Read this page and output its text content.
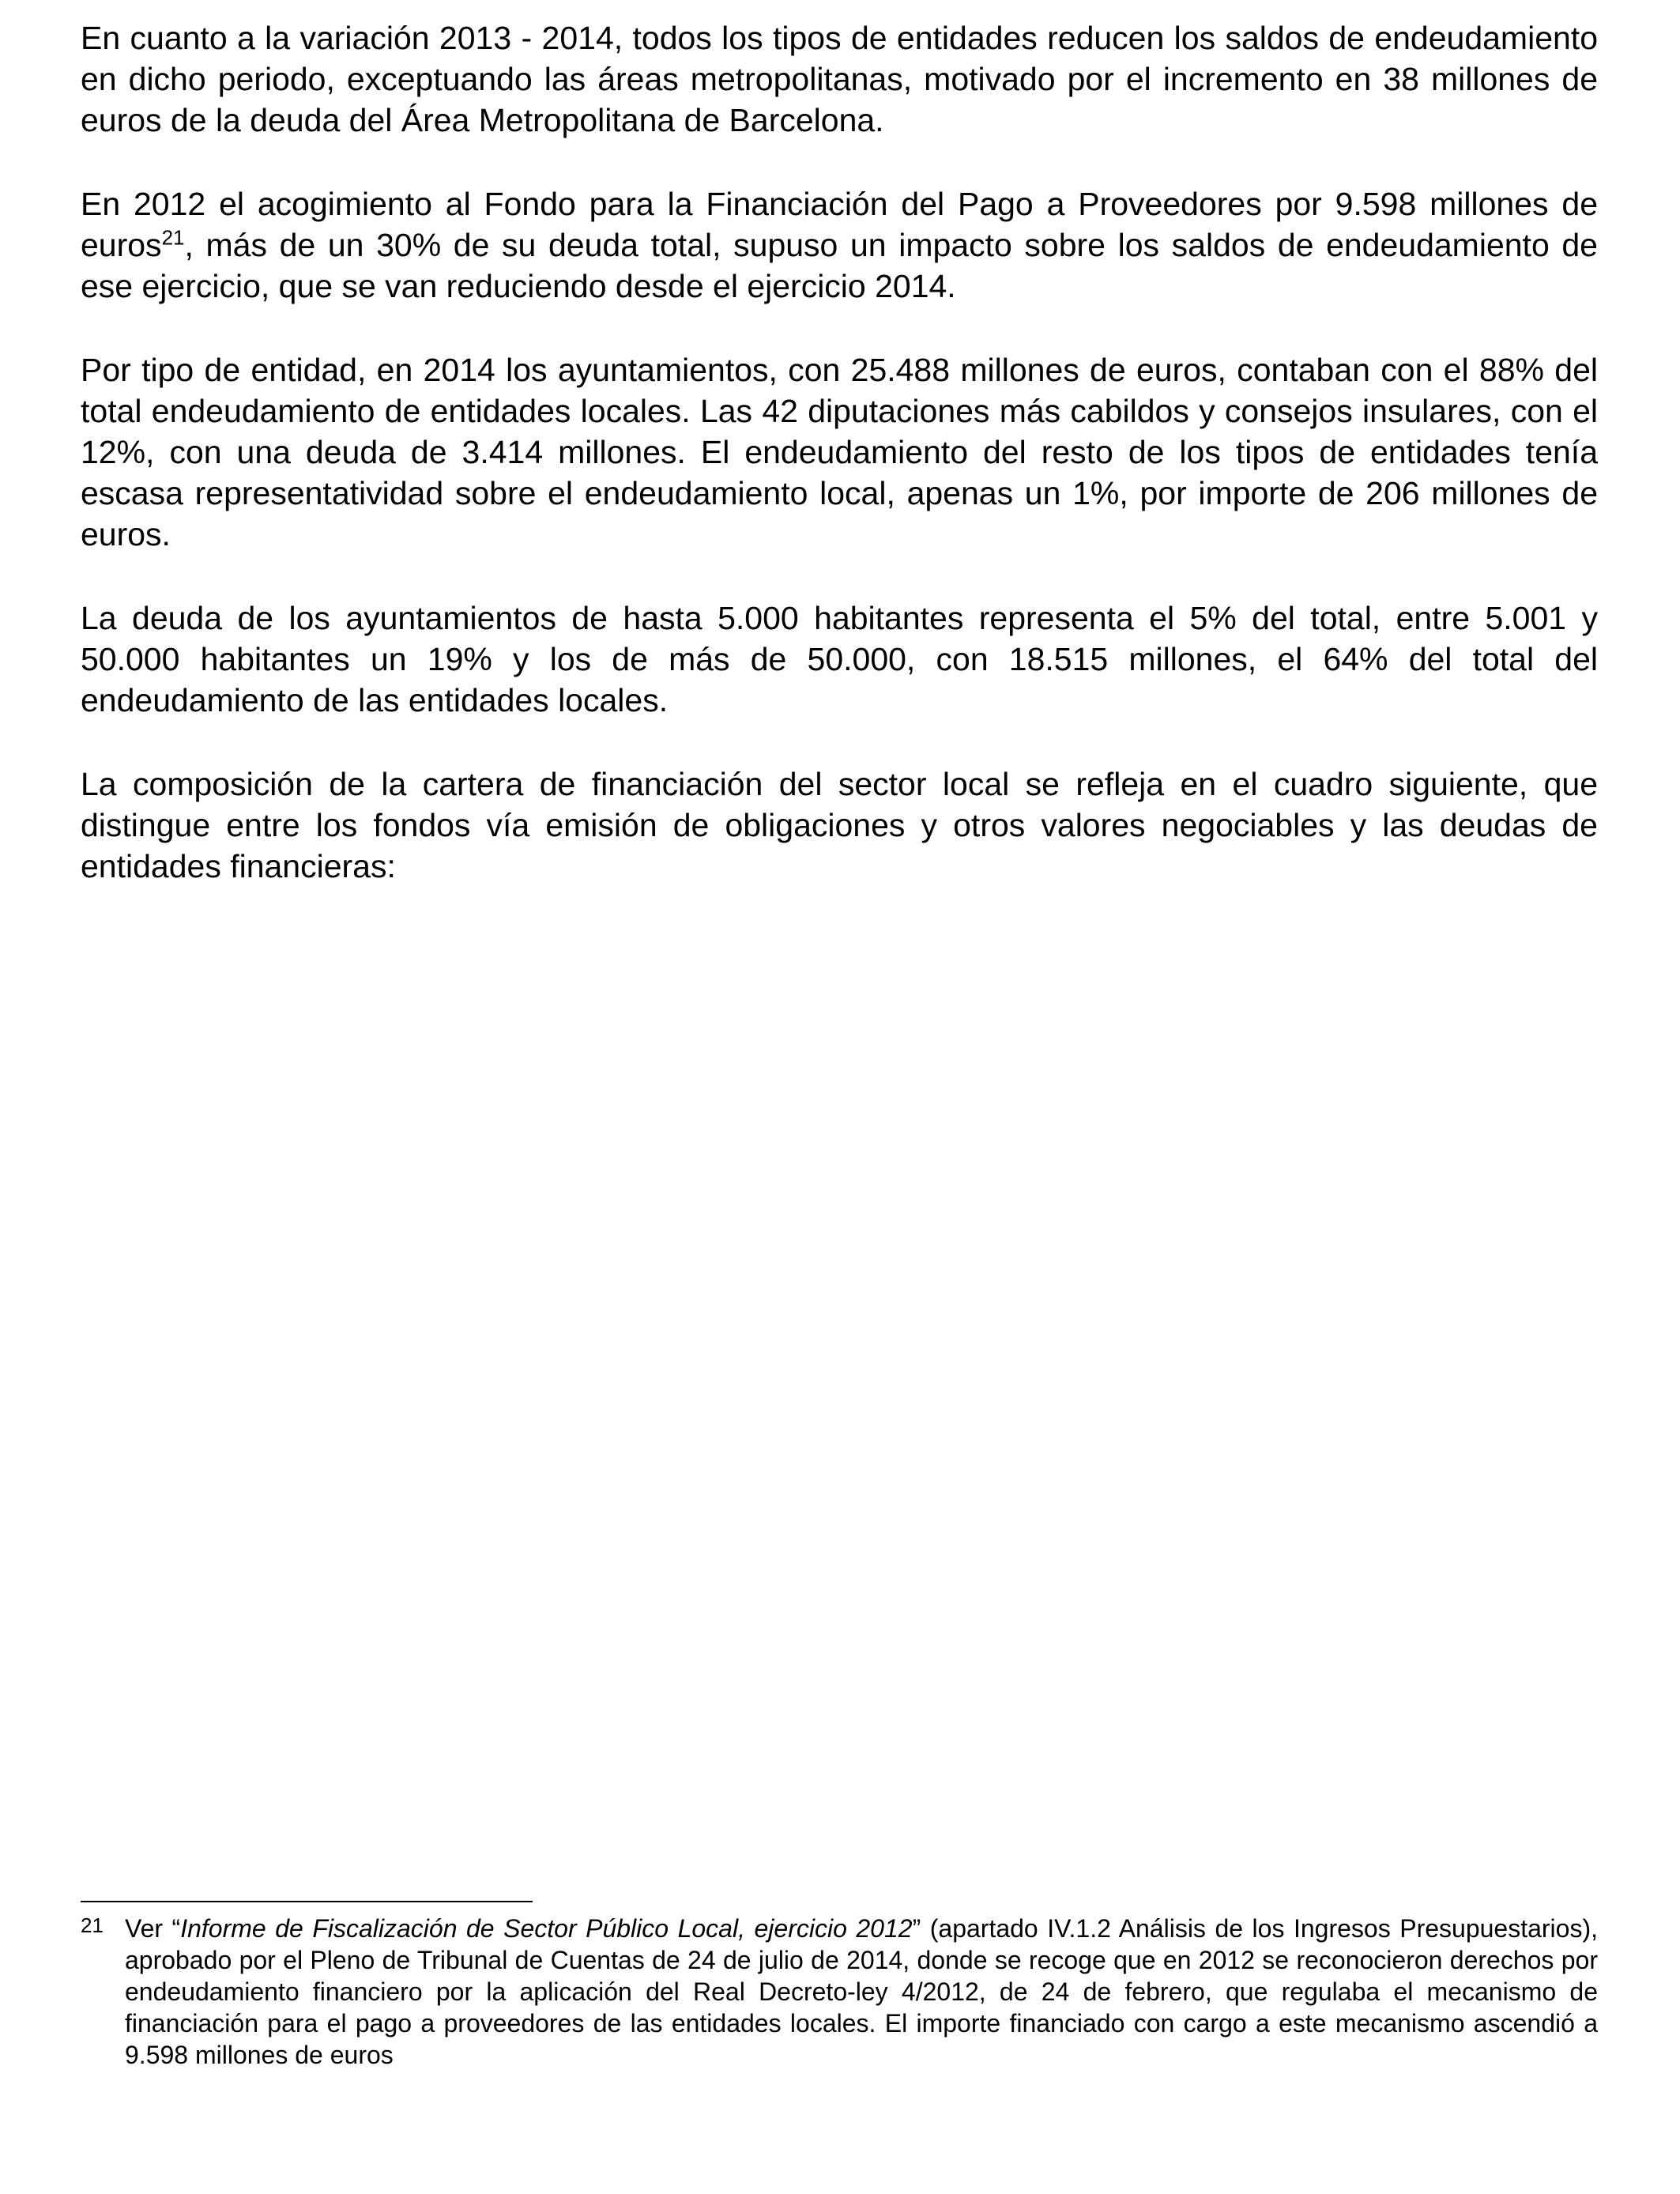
En cuanto a la variación 2013 - 2014, todos los tipos de entidades reducen los saldos de endeudamiento en dicho periodo, exceptuando las áreas metropolitanas, motivado por el incremento en 38 millones de euros de la deuda del Área Metropolitana de Barcelona.

En 2012 el acogimiento al Fondo para la Financiación del Pago a Proveedores por 9.598 millones de euros$^{21}$, más de un 30% de su deuda total, supuso un impacto sobre los saldos de endeudamiento de ese ejercicio, que se van reduciendo desde el ejercicio 2014.

Por tipo de entidad, en 2014 los ayuntamientos, con 25.488 millones de euros, contaban con el 88% del total endeudamiento de entidades locales. Las 42 diputaciones más cabildos y consejos insulares, con el 12%, con una deuda de 3.414 millones. El endeudamiento del resto de los tipos de entidades tenía escasa representatividad sobre el endeudamiento local, apenas un 1%, por importe de 206 millones de euros.

La deuda de los ayuntamientos de hasta 5.000 habitantes representa el 5% del total, entre 5.001 y 50.000 habitantes un 19% y los de más de 50.000, con 18.515 millones, el 64% del total del endeudamiento de las entidades locales.

La composición de la cartera de financiación del sector local se refleja en el cuadro siguiente, que distingue entre los fondos vía emisión de obligaciones y otros valores negociables y las deudas de entidades financieras:

21 Ver “Informe de Fiscalización de Sector Público Local, ejercicio 2012” (apartado IV.1.2 Análisis de los Ingresos Presupuestarios), aprobado por el Pleno de Tribunal de Cuentas de 24 de julio de 2014, donde se recoge que en 2012 se reconocieron derechos por endeudamiento financiero por la aplicación del Real Decreto-ley 4/2012, de 24 de febrero, que regulaba el mecanismo de financiación para el pago a proveedores de las entidades locales. El importe financiado con cargo a este mecanismo ascendió a 9.598 millones de euros
